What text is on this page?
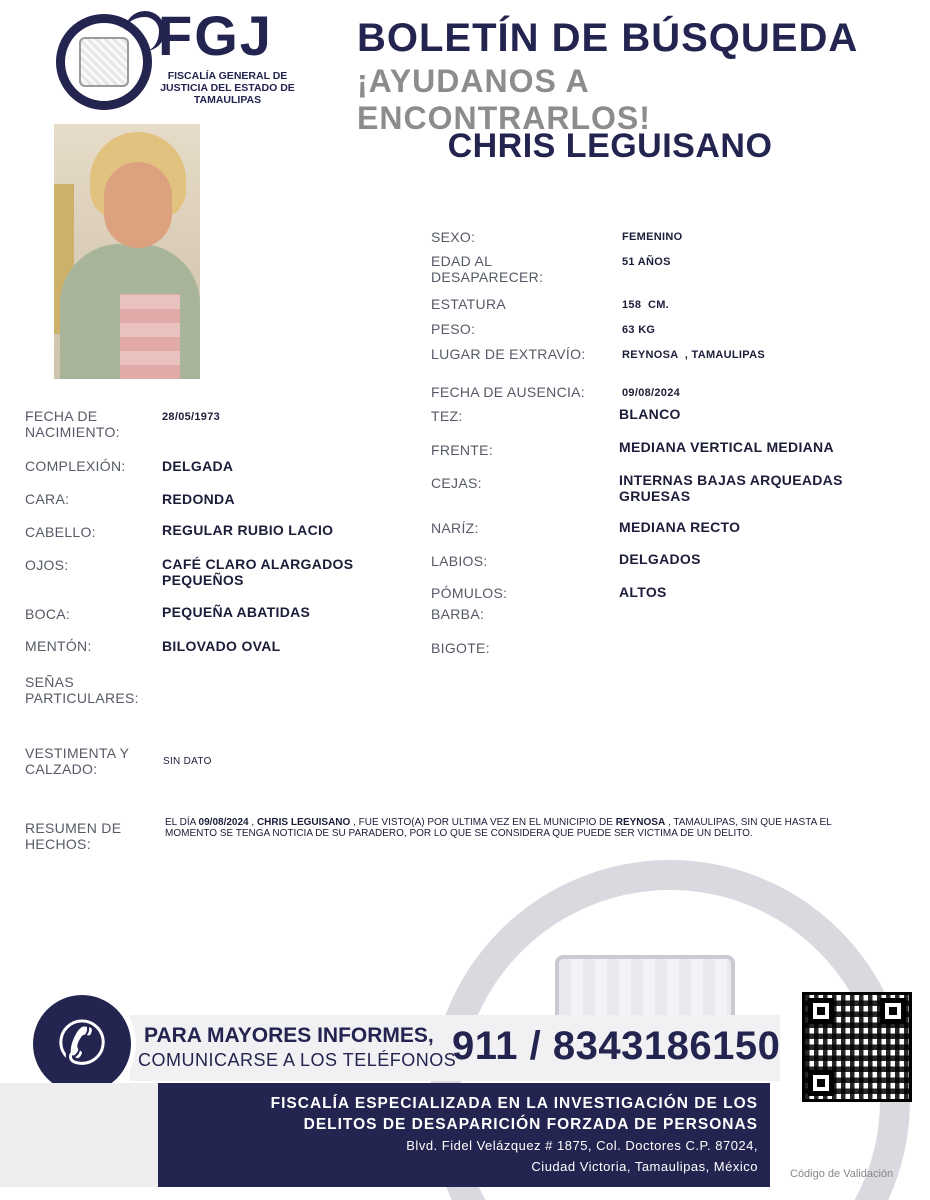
FGJ
FISCALÍA GENERAL DE JUSTICIA DEL ESTADO DE TAMAULIPAS
BOLETÍN DE BÚSQUEDA
¡AYUDANOS A ENCONTRARLOS!
CHRIS LEGUISANO
SEXO:	FEMENINO
EDAD AL DESAPARECER:
51 AÑOS
ESTATURA	158  CM.
PESO:	63 KG
LUGAR DE EXTRAVÍO:	REYNOSA  , TAMAULIPAS
FECHA DE AUSENCIA:	09/08/2024
TEZ:	BLANCO
FRENTE:	MEDIANA VERTICAL MEDIANA
CEJAS:	INTERNAS BAJAS ARQUEADAS GRUESAS
NARÍZ:	MEDIANA RECTO
LABIOS:	DELGADOS
PÓMULOS:	ALTOS
BARBA:
BIGOTE:
FECHA DE NACIMIENTO:
28/05/1973
COMPLEXIÓN:	DELGADA
CARA:	REDONDA
CABELLO:	REGULAR RUBIO LACIO
OJOS:	CAFÉ CLARO ALARGADOS PEQUEÑOS
BOCA:	PEQUEÑA ABATIDAS
MENTÓN:	BILOVADO OVAL
SEÑAS PARTICULARES:
VESTIMENTA Y CALZADO:	SIN DATO
RESUMEN DE HECHOS:
EL DÍA 09/08/2024 , CHRIS LEGUISANO , FUE VISTO(A) POR ULTIMA VEZ EN EL MUNICIPIO DE REYNOSA , TAMAULIPAS, SIN QUE HASTA EL MOMENTO SE TENGA NOTICIA DE SU PARADERO, POR LO QUE SE CONSIDERA QUE PUEDE SER VICTIMA DE UN DELITO.
✆	PARA MAYORES INFORMES,
COMUNICARSE A LOS TELÉFONOS
911 / 8343186150
FISCALÍA ESPECIALIZADA EN LA INVESTIGACIÓN DE LOS
DELITOS DE DESAPARICIÓN FORZADA DE PERSONAS
Blvd. Fidel Velázquez # 1875, Col. Doctores C.P. 87024,
Ciudad Victoria, Tamaulipas, México	Código de Validación
